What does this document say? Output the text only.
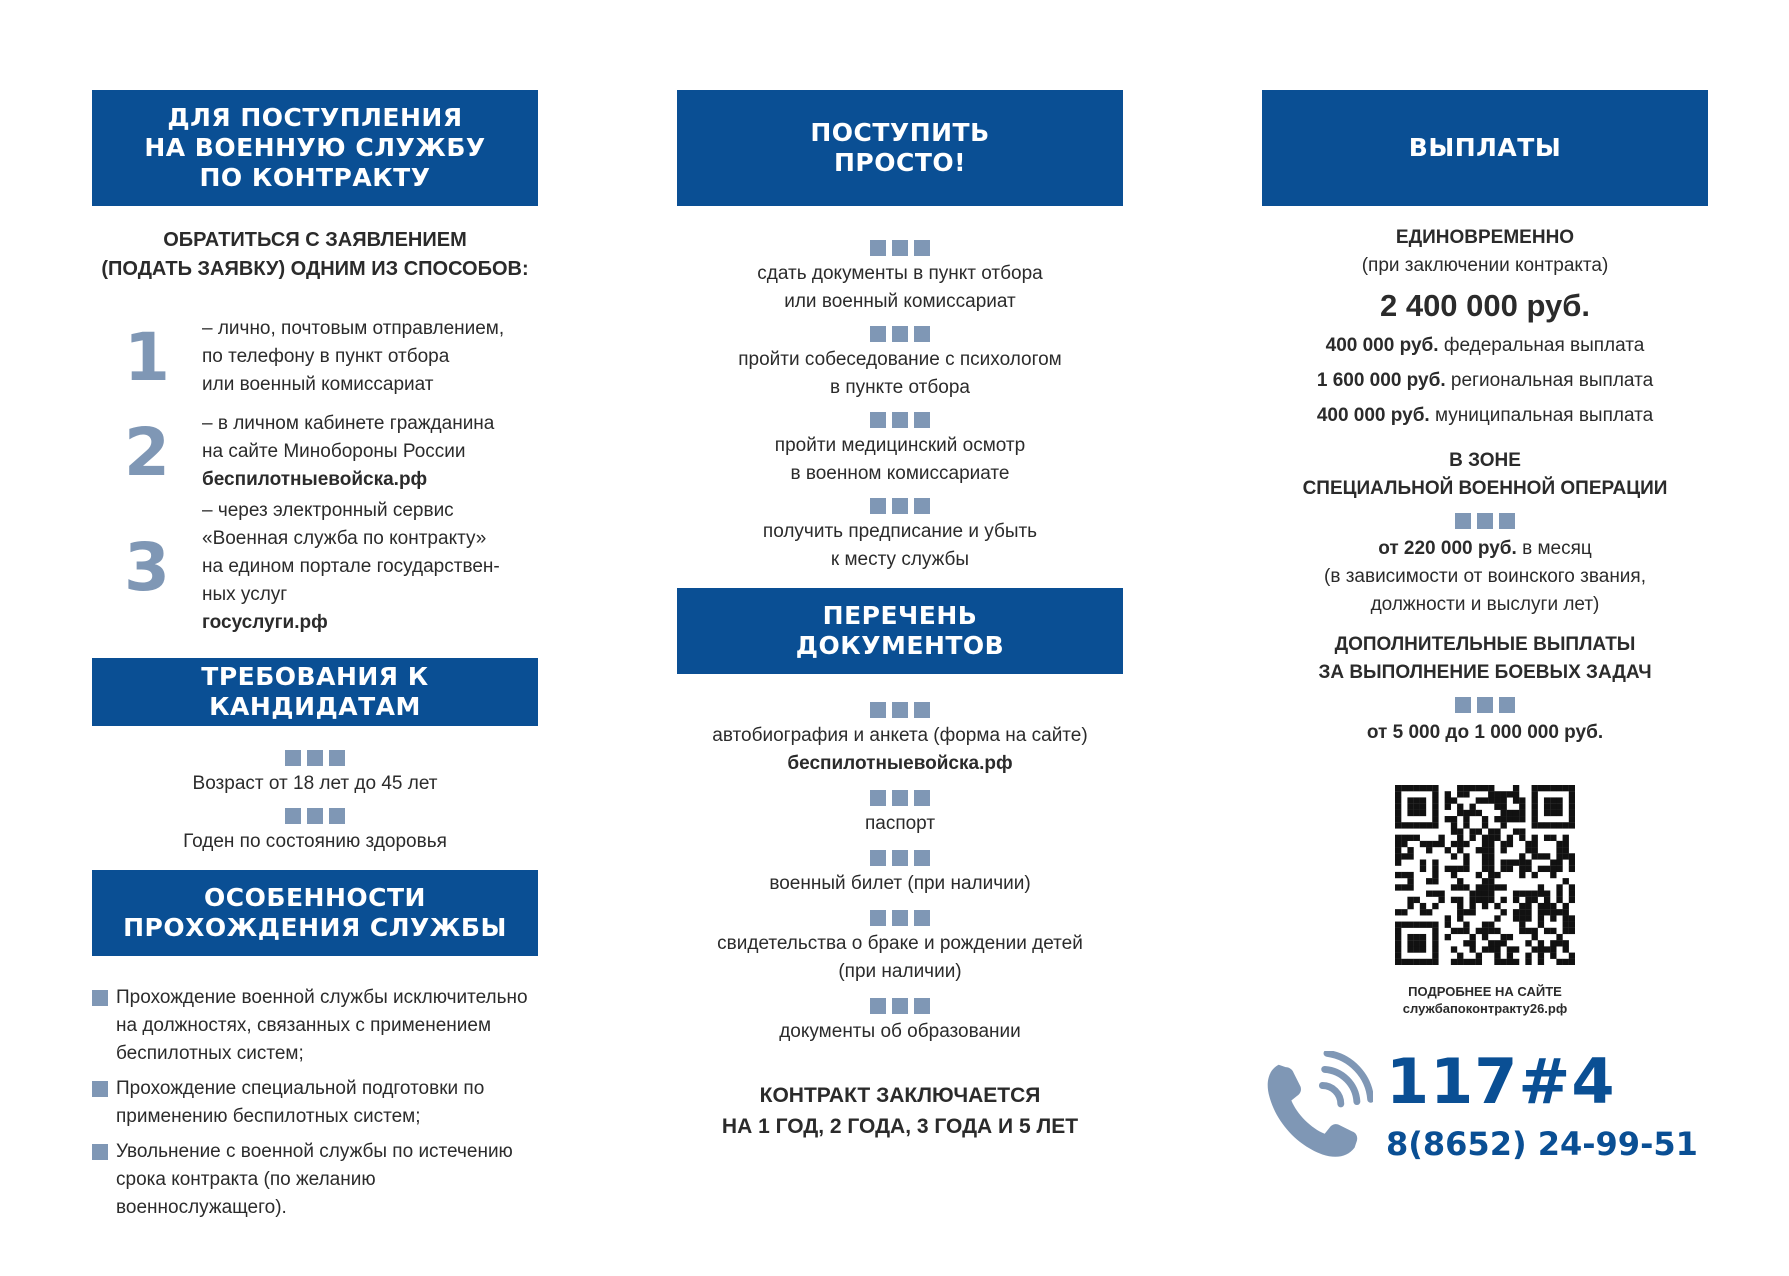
ДЛЯ ПОСТУПЛЕНИЯ
НА ВОЕННУЮ СЛУЖБУ
ПО КОНТРАКТУ
ОБРАТИТЬСЯ С ЗАЯВЛЕНИЕМ
(ПОДАТЬ ЗАЯВКУ) ОДНИМ ИЗ СПОСОБОВ:
1	– лично, почтовым отправлением,
по телефону в пункт отбора
или военный комиссариат
2	– в личном кабинете гражданина
на сайте Минобороны России
беспилотныевойска.рф
3
– через электронный сервис
«Военная служба по контракту»
на едином портале государствен-
ных услуг
госуслуги.рф
ТРЕБОВАНИЯ К КАНДИДАТАМ
Возраст от 18 лет до 45 лет
Годен по состоянию здоровья
ОСОБЕННОСТИ
ПРОХОЖДЕНИЯ СЛУЖБЫ
Прохождение военной службы исключительно
на должностях, связанных с применением
беспилотных систем;
Прохождение специальной подготовки по
применению беспилотных систем;
Увольнение с военной службы по истечению
срока контракта (по желанию военнослужащего).
ПОСТУПИТЬ
ПРОСТО!
сдать документы в пункт отбора
или военный комиссариат
пройти собеседование с психологом
в пункте отбора
пройти медицинский осмотр
в военном комиссариате
получить предписание и убыть
к месту службы
ПЕРЕЧЕНЬ
ДОКУМЕНТОВ
автобиография и анкета (форма на сайте)
беспилотныевойска.рф
паспорт
военный билет (при наличии)
свидетельства о браке и рождении детей
(при наличии)
документы об образовании
КОНТРАКТ ЗАКЛЮЧАЕТСЯ
НА 1 ГОД, 2 ГОДА, 3 ГОДА И 5 ЛЕТ
ВЫПЛАТЫ
ЕДИНОВРЕМЕННО
(при заключении контракта)
2 400 000 руб.
400 000 руб. федеральная выплата
1 600 000 руб. региональная выплата
400 000 руб. муниципальная выплата
В ЗОНЕ
СПЕЦИАЛЬНОЙ ВОЕННОЙ ОПЕРАЦИИ
от 220 000 руб. в месяц
(в зависимости от воинского звания,
должности и выслуги лет)
ДОПОЛНИТЕЛЬНЫЕ ВЫПЛАТЫ
ЗА ВЫПОЛНЕНИЕ БОЕВЫХ ЗАДАЧ
от 5 000 до 1 000 000 руб.
ПОДРОБНЕЕ НА САЙТЕ
службапоконтракту26.рф
117#4
8(8652) 24-99-51
